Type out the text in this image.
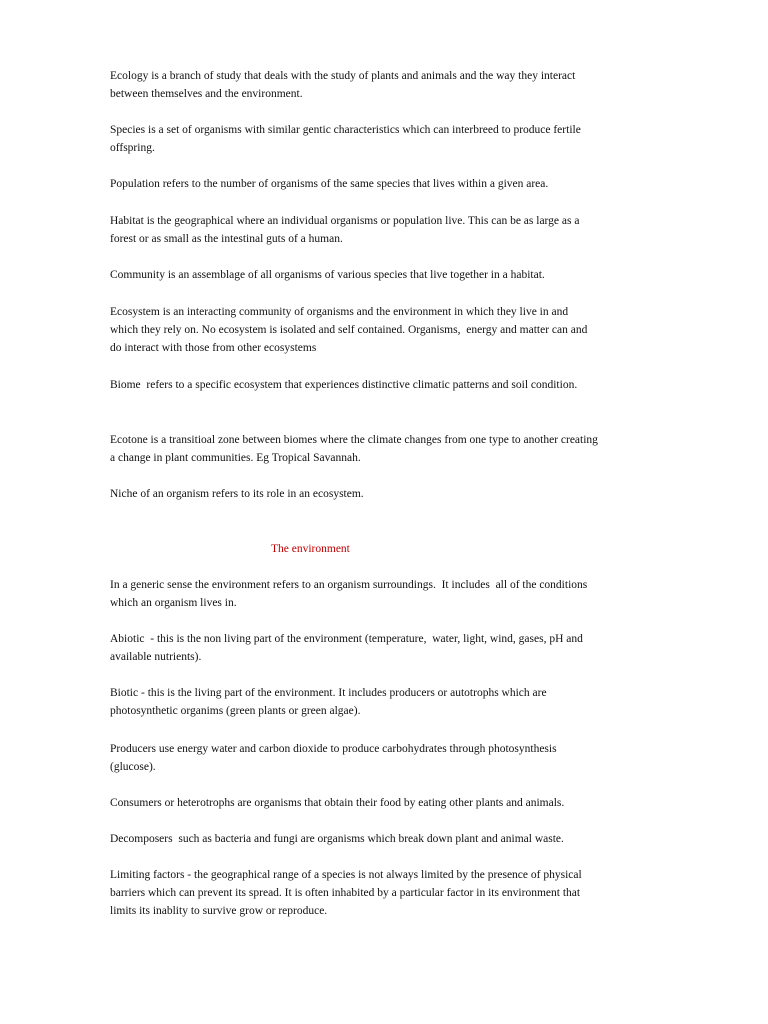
Ecology is a branch of study that deals with the study of plants and animals and the way they interact
between themselves and the environment.

Species is a set of organisms with similar gentic characteristics which can interbreed to produce fertile
offspring.

Population refers to the number of organisms of the same species that lives within a given area.

Habitat is the geographical where an individual organisms or population live. This can be as large as a
forest or as small as the intestinal guts of a human.

Community is an assemblage of all organisms of various species that live together in a habitat.

Ecosystem is an interacting community of organisms and the environment in which they live in and
which they rely on. No ecosystem is isolated and self contained. Organisms,  energy and matter can and
do interact with those from other ecosystems

Biome  refers to a specific ecosystem that experiences distinctive climatic patterns and soil condition.

Ecotone is a transitioal zone between biomes where the climate changes from one type to another creating
a change in plant communities. Eg Tropical Savannah.

Niche of an organism refers to its role in an ecosystem.

The environment

In a generic sense the environment refers to an organism surroundings.  It includes  all of the conditions
which an organism lives in.

Abiotic  - this is the non living part of the environment (temperature,  water, light, wind, gases, pH and
available nutrients).

Biotic - this is the living part of the environment. It includes producers or autotrophs which are
photosynthetic organims (green plants or green algae).

Producers use energy water and carbon dioxide to produce carbohydrates through photosynthesis
(glucose).

Consumers or heterotrophs are organisms that obtain their food by eating other plants and animals.

Decomposers  such as bacteria and fungi are organisms which break down plant and animal waste.

Limiting factors - the geographical range of a species is not always limited by the presence of physical
barriers which can prevent its spread. It is often inhabited by a particular factor in its environment that
limits its inablity to survive grow or reproduce.
